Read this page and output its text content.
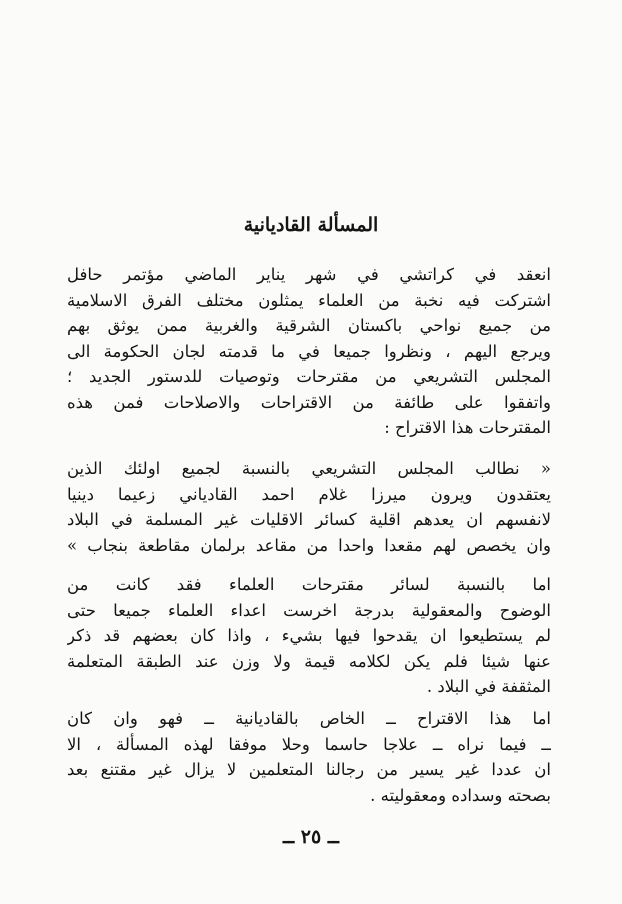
المسألة القاديانية

انعقد في كراتشي في شهر يناير الماضي مؤتمر حافل
اشتركت فيه نخبة من العلماء يمثلون مختلف الفرق الاسلامية
من جميع نواحي باكستان الشرقية والغربية ممن يوثق بهم
ويرجع اليهم ، ونظروا جميعا في ما قدمته لجان الحكومة الى
المجلس التشريعي من مقترحات وتوصيات للدستور الجديد ؛
واتفقوا على طائفة من الاقتراحات والاصلاحات فمن هذه
المقترحات هذا الاقتراح :

« نطالب المجلس التشريعي بالنسبة لجميع اولئك الذين
يعتقدون ويرون ميرزا غلام احمد القادياني زعيما دينيا
لانفسهم ان يعدهم اقلية كسائر الاقليات غير المسلمة في البلاد
وان يخصص لهم مقعدا واحدا من مقاعد برلمان مقاطعة بنجاب »

اما بالنسبة لسائر مقترحات العلماء فقد كانت من
الوضوح والمعقولية بدرجة اخرست اعداء العلماء جميعا حتى
لم يستطيعوا ان يقدحوا فيها بشيء ، واذا كان بعضهم قد ذكر
عنها شيئا فلم يكن لكلامه قيمة ولا وزن عند الطبقة المتعلمة
المثقفة في البلاد .

اما هذا الاقتراح ــ الخاص بالقاديانية ــ فهو وان كان
ــ فيما نراه ــ علاجا حاسما وحلا موفقا لهذه المسألة ، الا
ان عددا غير يسير من رجالنا المتعلمين لا يزال غير مقتنع بعد
بصحته وسداده ومعقوليته .

ــ ٢٥ ــ
